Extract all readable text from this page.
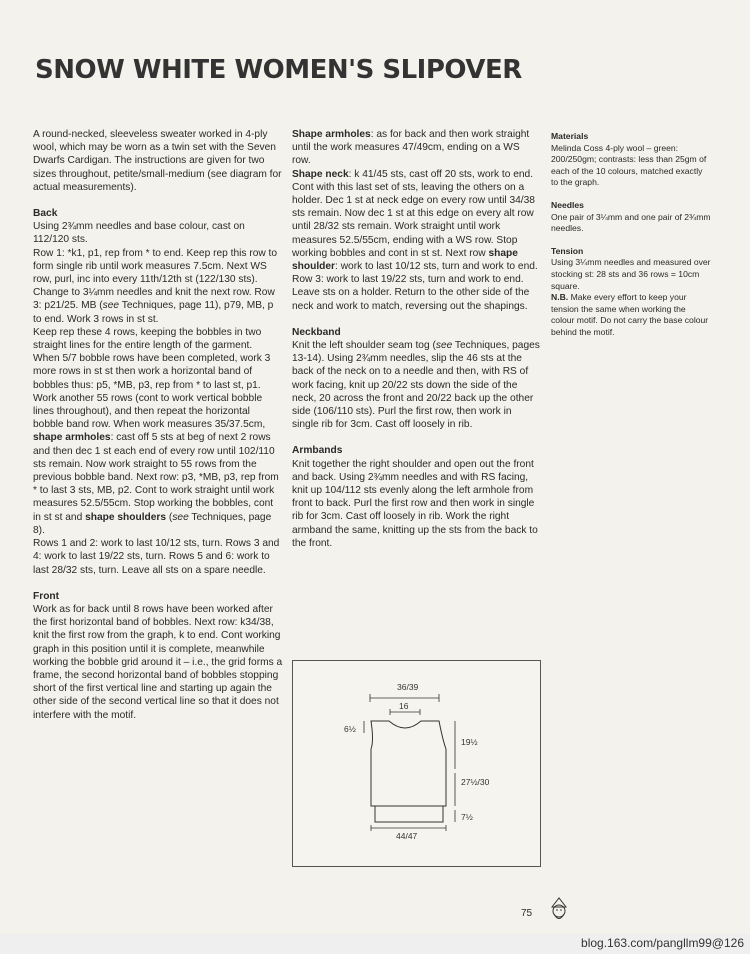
SNOW WHITE WOMEN'S SLIPOVER

A round-necked, sleeveless sweater worked in 4-ply wool, which may be worn as a twin set with the Seven Dwarfs Cardigan. The instructions are given for two sizes throughout, petite/small-medium (see diagram for actual measurements).

Back

Using 2¾mm needles and base colour, cast on 112/120 sts.

Row 1: *k1, p1, rep from * to end. Keep rep this row to form single rib until work measures 7.5cm. Next WS row, purl, inc into every 11th/12th st (122/130 sts).

Change to 3¼mm needles and knit the next row. Row 3: p21/25. MB (see Techniques, page 11), p79, MB, p to end. Work 3 rows in st st.

Keep rep these 4 rows, keeping the bobbles in two straight lines for the entire length of the garment.

When 5/7 bobble rows have been completed, work 3 more rows in st st then work a horizontal band of bobbles thus: p5, *MB, p3, rep from * to last st, p1. Work another 55 rows (cont to work vertical bobble lines throughout), and then repeat the horizontal bobble band row. When work measures 35/37.5cm, shape armholes: cast off 5 sts at beg of next 2 rows and then dec 1 st each end of every row until 102/110 sts remain. Now work straight to 55 rows from the previous bobble band. Next row: p3, *MB, p3, rep from * to last 3 sts, MB, p2. Cont to work straight until work measures 52.5/55cm. Stop working the bobbles, cont in st st and shape shoulders (see Techniques, page 8).

Rows 1 and 2: work to last 10/12 sts, turn. Rows 3 and 4: work to last 19/22 sts, turn. Rows 5 and 6: work to last 28/32 sts, turn. Leave all sts on a spare needle.

Front

Work as for back until 8 rows have been worked after the first horizontal band of bobbles. Next row: k34/38, knit the first row from the graph, k to end. Cont working graph in this position until it is complete, meanwhile working the bobble grid around it – i.e., the grid forms a frame, the second horizontal band of bobbles stopping short of the first vertical line and starting up again the other side of the second vertical line so that it does not interfere with the motif.

Shape armholes: as for back and then work straight until the work measures 47/49cm, ending on a WS row.

Shape neck: k 41/45 sts, cast off 20 sts, work to end. Cont with this last set of sts, leaving the others on a holder. Dec 1 st at neck edge on every row until 34/38 sts remain. Now dec 1 st at this edge on every alt row until 28/32 sts remain. Work straight until work measures 52.5/55cm, ending with a WS row. Stop working bobbles and cont in st st. Next row shape shoulder: work to last 10/12 sts, turn and work to end. Row 3: work to last 19/22 sts, turn and work to end. Leave sts on a holder. Return to the other side of the neck and work to match, reversing out the shapings.

Neckband

Knit the left shoulder seam tog (see Techniques, pages 13-14). Using 2¾mm needles, slip the 46 sts at the back of the neck on to a needle and then, with RS of work facing, knit up 20/22 sts down the side of the neck, 20 across the front and 20/22 back up the other side (106/110 sts). Purl the first row, then work in single rib for 3cm. Cast off loosely in rib.

Armbands

Knit together the right shoulder and open out the front and back. Using 2¾mm needles and with RS facing, knit up 104/112 sts evenly along the left armhole from front to back. Purl the first row and then work in single rib for 3cm. Cast off loosely in rib. Work the right armband the same, knitting up the sts from the back to the front.

Materials

Melinda Coss 4-ply wool – green: 200/250gm; contrasts: less than 25gm of each of the 10 colours, matched exactly to the graph.

Needles

One pair of 3¼mm and one pair of 2¾mm needles.

Tension

Using 3¼mm needles and measured over stocking st: 28 sts and 36 rows = 10cm square.

N.B. Make every effort to keep your tension the same when working the colour motif. Do not carry the base colour behind the motif.

36/39
16
6½
19½
27½/30
7½
44/47
75
blog.163.com/pangllm99@126
